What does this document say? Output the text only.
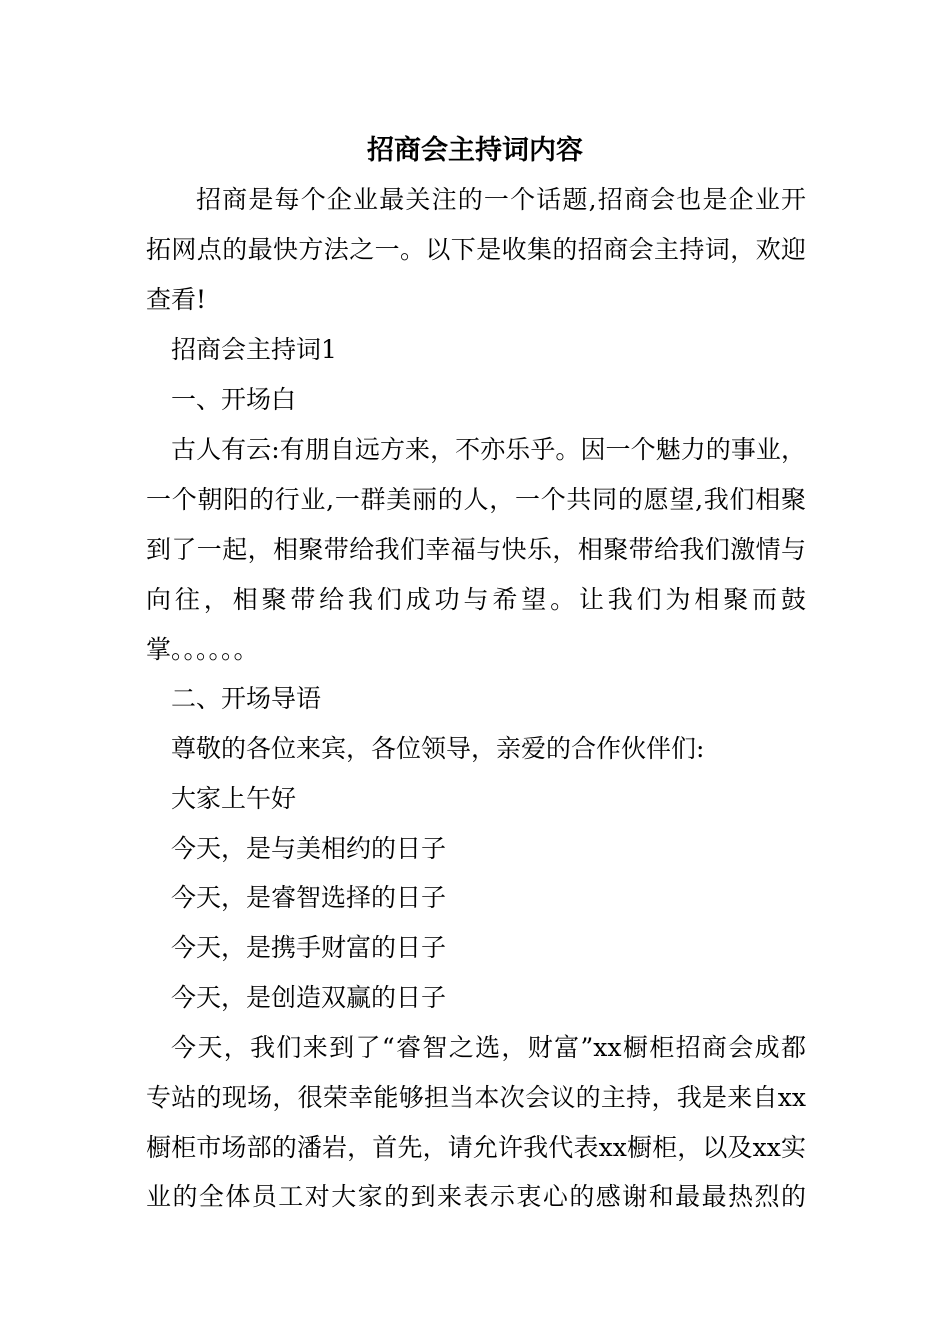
招商会主持词内容
招商是每个企业最关注的一个话题,招商会也是企业开
拓网点的最快方法之一。以下是收集的招商会主持词，欢迎
查看!
招商会主持词1
一、开场白
古人有云:有朋自远方来，不亦乐乎。因一个魅力的事业，
一个朝阳的行业,一群美丽的人，一个共同的愿望,我们相聚
到了一起，相聚带给我们幸福与快乐，相聚带给我们激情与
向往，相聚带给我们成功与希望。让我们为相聚而鼓
掌。。。。。。
二、开场导语
尊敬的各位来宾，各位领导，亲爱的合作伙伴们:
大家上午好
今天，是与美相约的日子
今天，是睿智选择的日子
今天，是携手财富的日子
今天，是创造双赢的日子
今天，我们来到了“睿智之选，财富”xx橱柜招商会成都
专站的现场，很荣幸能够担当本次会议的主持，我是来自xx
橱柜市场部的潘岩，首先，请允许我代表xx橱柜，以及xx实
业的全体员工对大家的到来表示衷心的感谢和最最热烈的
